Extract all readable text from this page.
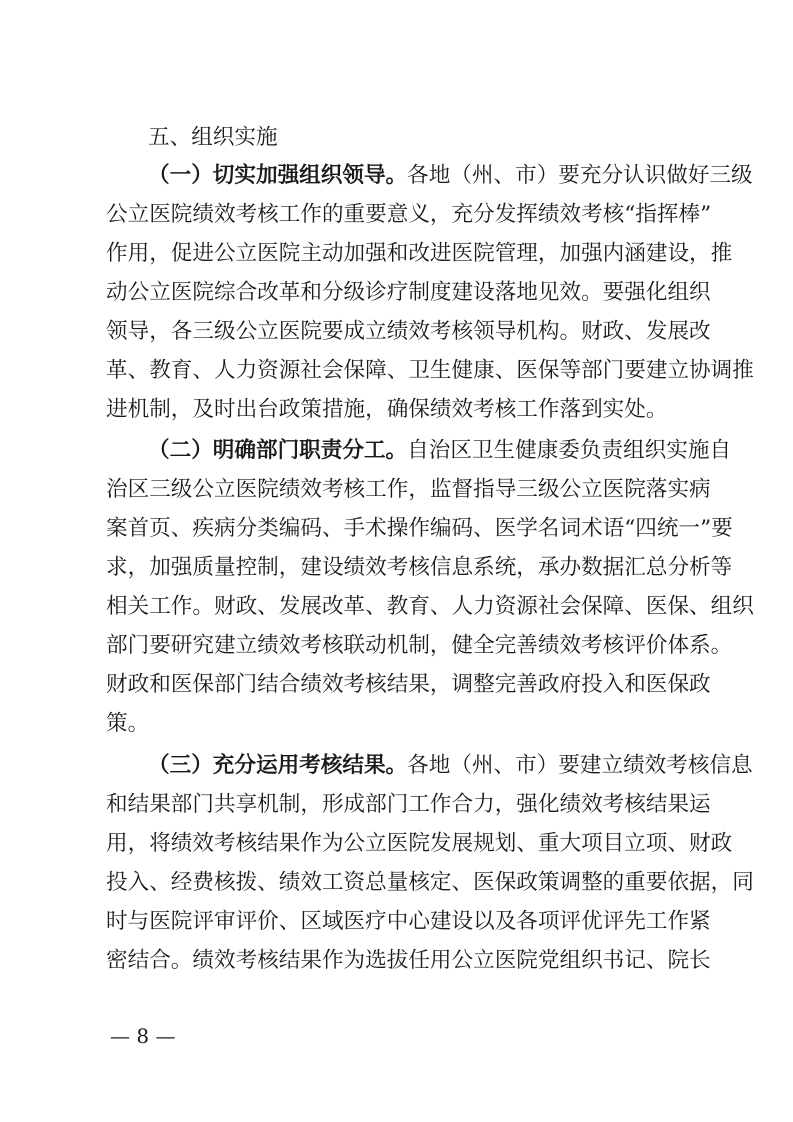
五、组织实施
（一）切实加强组织领导。各地（州、市）要充分认识做好三级
公立医院绩效考核工作的重要意义，充分发挥绩效考核“指挥棒”
作用，促进公立医院主动加强和改进医院管理，加强内涵建设，推
动公立医院综合改革和分级诊疗制度建设落地见效。要强化组织
领导，各三级公立医院要成立绩效考核领导机构。财政、发展改
革、教育、人力资源社会保障、卫生健康、医保等部门要建立协调推
进机制，及时出台政策措施，确保绩效考核工作落到实处。
（二）明确部门职责分工。自治区卫生健康委负责组织实施自
治区三级公立医院绩效考核工作，监督指导三级公立医院落实病
案首页、疾病分类编码、手术操作编码、医学名词术语“四统一”要
求，加强质量控制，建设绩效考核信息系统，承办数据汇总分析等
相关工作。财政、发展改革、教育、人力资源社会保障、医保、组织
部门要研究建立绩效考核联动机制，健全完善绩效考核评价体系。
财政和医保部门结合绩效考核结果，调整完善政府投入和医保政
策。
（三）充分运用考核结果。各地（州、市）要建立绩效考核信息
和结果部门共享机制，形成部门工作合力，强化绩效考核结果运
用，将绩效考核结果作为公立医院发展规划、重大项目立项、财政
投入、经费核拨、绩效工资总量核定、医保政策调整的重要依据，同
时与医院评审评价、区域医疗中心建设以及各项评优评先工作紧
密结合。绩效考核结果作为选拔任用公立医院党组织书记、院长
— 8 —
